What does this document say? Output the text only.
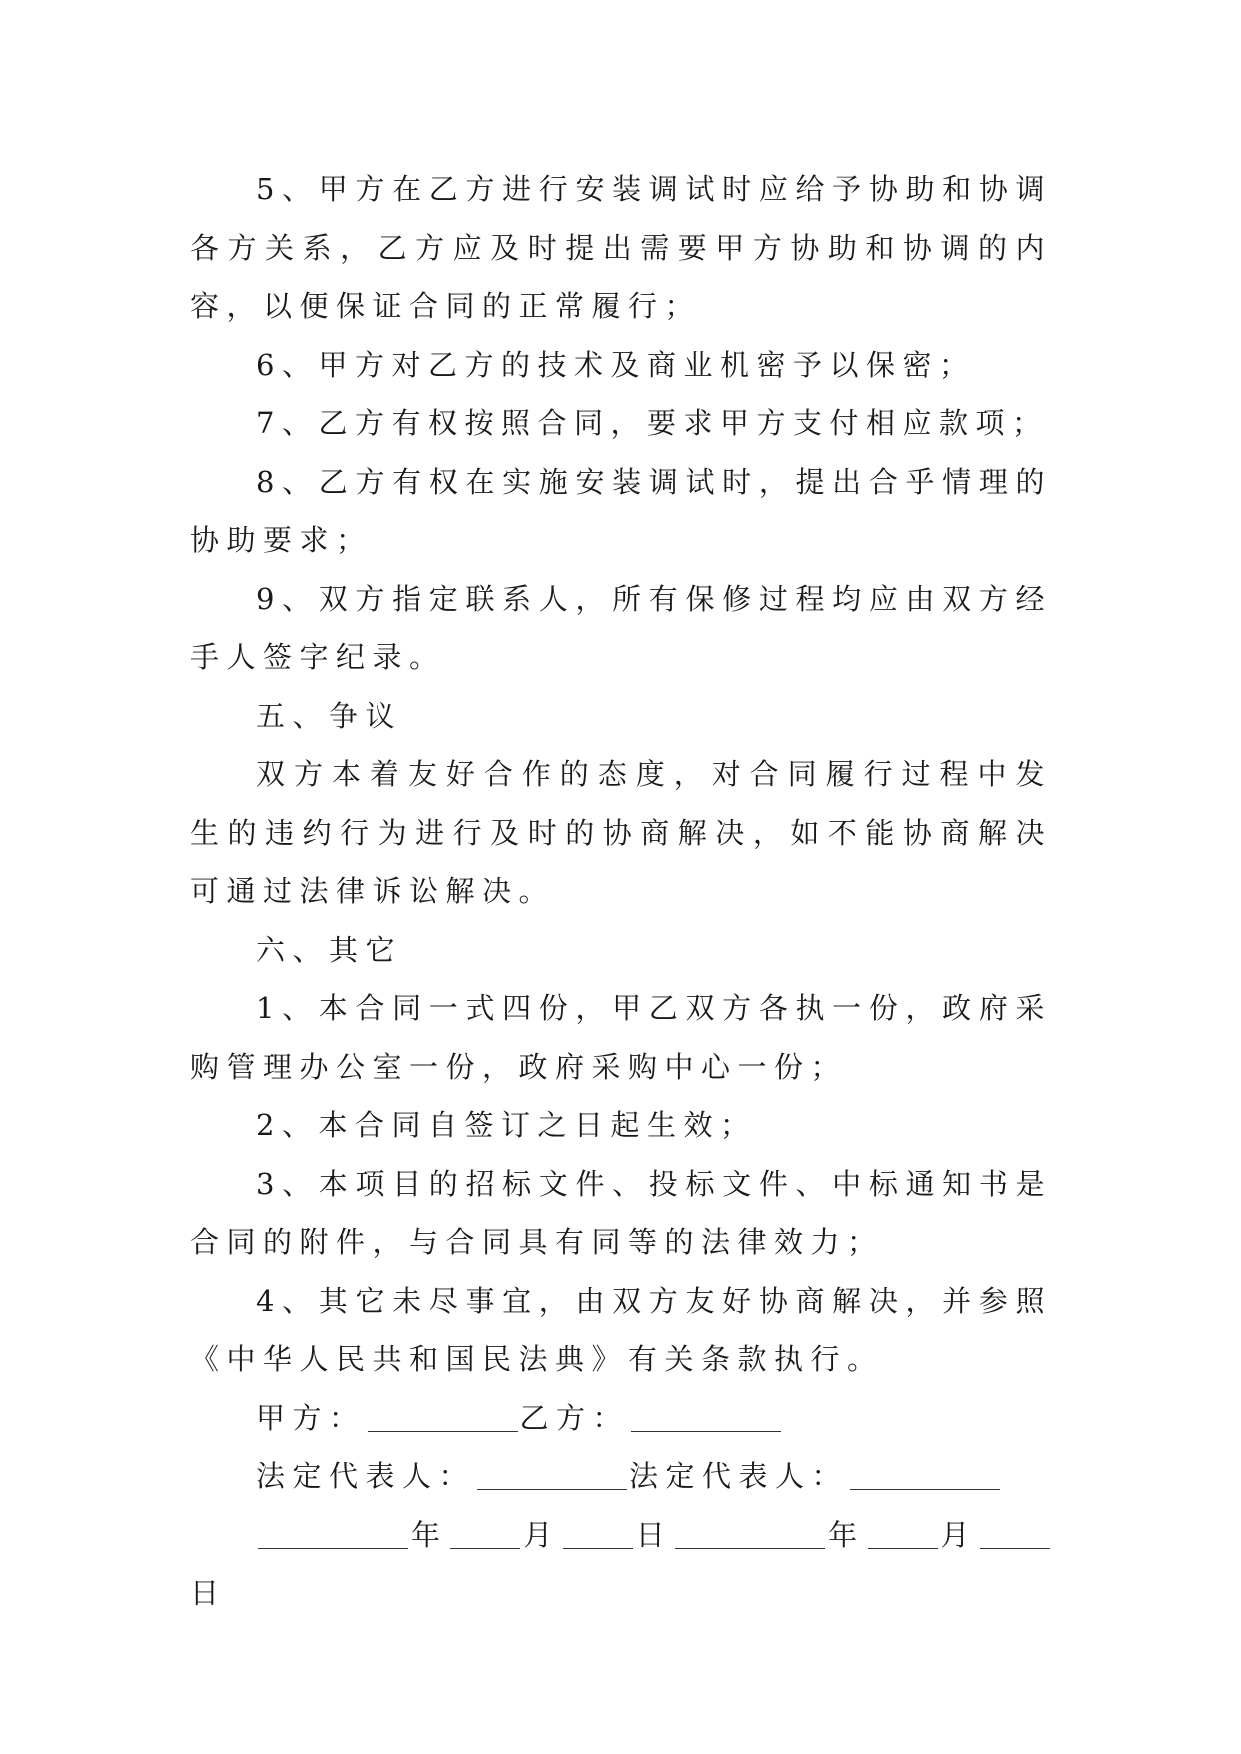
5、甲方在乙方进行安装调试时应给予协助和协调各方关系，乙方应及时提出需要甲方协助和协调的内容，以便保证合同的正常履行；

6、甲方对乙方的技术及商业机密予以保密；

7、乙方有权按照合同，要求甲方支付相应款项；

8、乙方有权在实施安装调试时，提出合乎情理的协助要求；

9、双方指定联系人，所有保修过程均应由双方经手人签字纪录。

五、争议

双方本着友好合作的态度，对合同履行过程中发生的违约行为进行及时的协商解决，如不能协商解决可通过法律诉讼解决。

六、其它

1、本合同一式四份，甲乙双方各执一份，政府采购管理办公室一份，政府采购中心一份；

2、本合同自签订之日起生效；

3、本项目的招标文件、投标文件、中标通知书是合同的附件，与合同具有同等的法律效力；

4、其它未尽事宜，由双方友好协商解决，并参照《中华人民共和国民法典》有关条款执行。

甲方：	乙方：

法定代表人：	法定代表人：

年	月	日	年	月日
